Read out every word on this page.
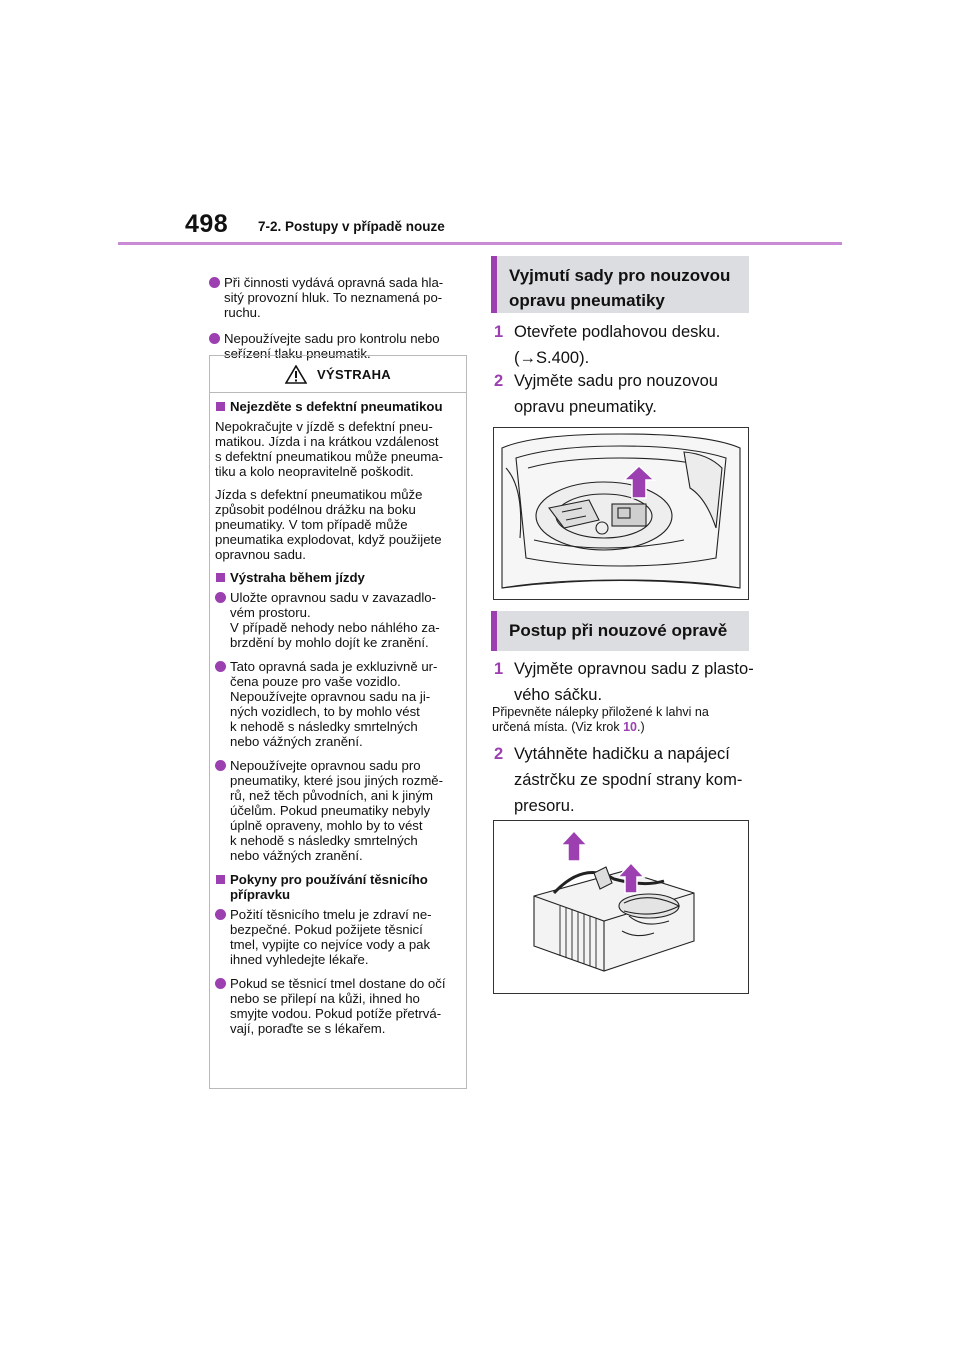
498 7-2. Postupy v případě nouze
Při činnosti vydává opravná sada hla-
sitý provozní hluk. To neznamená po-
ruchu.
Nepoužívejte sadu pro kontrolu nebo
seřízení tlaku pneumatik.
VÝSTRAHA
Nejezděte s defektní pneumatikou
Nepokračujte v jízdě s defektní pneu-
matikou. Jízda i na krátkou vzdálenost
s defektní pneumatikou může pneuma-
tiku a kolo neopravitelně poškodit.
Jízda s defektní pneumatikou může
způsobit podélnou drážku na boku
pneumatiky. V tom případě může
pneumatika explodovat, když použijete
opravnou sadu.
Výstraha během jízdy
Uložte opravnou sadu v zavazadlo-
vém prostoru.
V případě nehody nebo náhlého za-
brzdění by mohlo dojít ke zranění.
Tato opravná sada je exkluzivně ur-
čena pouze pro vaše vozidlo.
Nepoužívejte opravnou sadu na ji-
ných vozidlech, to by mohlo vést
k nehodě s následky smrtelných
nebo vážných zranění.
Nepoužívejte opravnou sadu pro
pneumatiky, které jsou jiných rozmě-
rů, než těch původních, ani k jiným
účelům. Pokud pneumatiky nebyly
úplně opraveny, mohlo by to vést
k nehodě s následky smrtelných
nebo vážných zranění.
Pokyny pro používání těsnicího
přípravku
Požití těsnicího tmelu je zdraví ne-
bezpečné. Pokud požijete těsnicí
tmel, vypijte co nejvíce vody a pak
ihned vyhledejte lékaře.
Pokud se těsnicí tmel dostane do očí
nebo se přilepí na kůži, ihned ho
smyjte vodou. Pokud potíže přetrvá-
vají, poraďte se s lékařem.
Vyjmutí sady pro nouzovou
opravu pneumatiky
1 Otevřete podlahovou desku.
(→S.400).
2 Vyjměte sadu pro nouzovou
opravu pneumatiky.
Postup při nouzové opravě
1 Vyjměte opravnou sadu z plasto-
vého sáčku.
Připevněte nálepky přiložené k lahvi na
určená místa. (Viz krok 10.)
2 Vytáhněte hadičku a napájecí
zástrčku ze spodní strany kom-
presoru.
